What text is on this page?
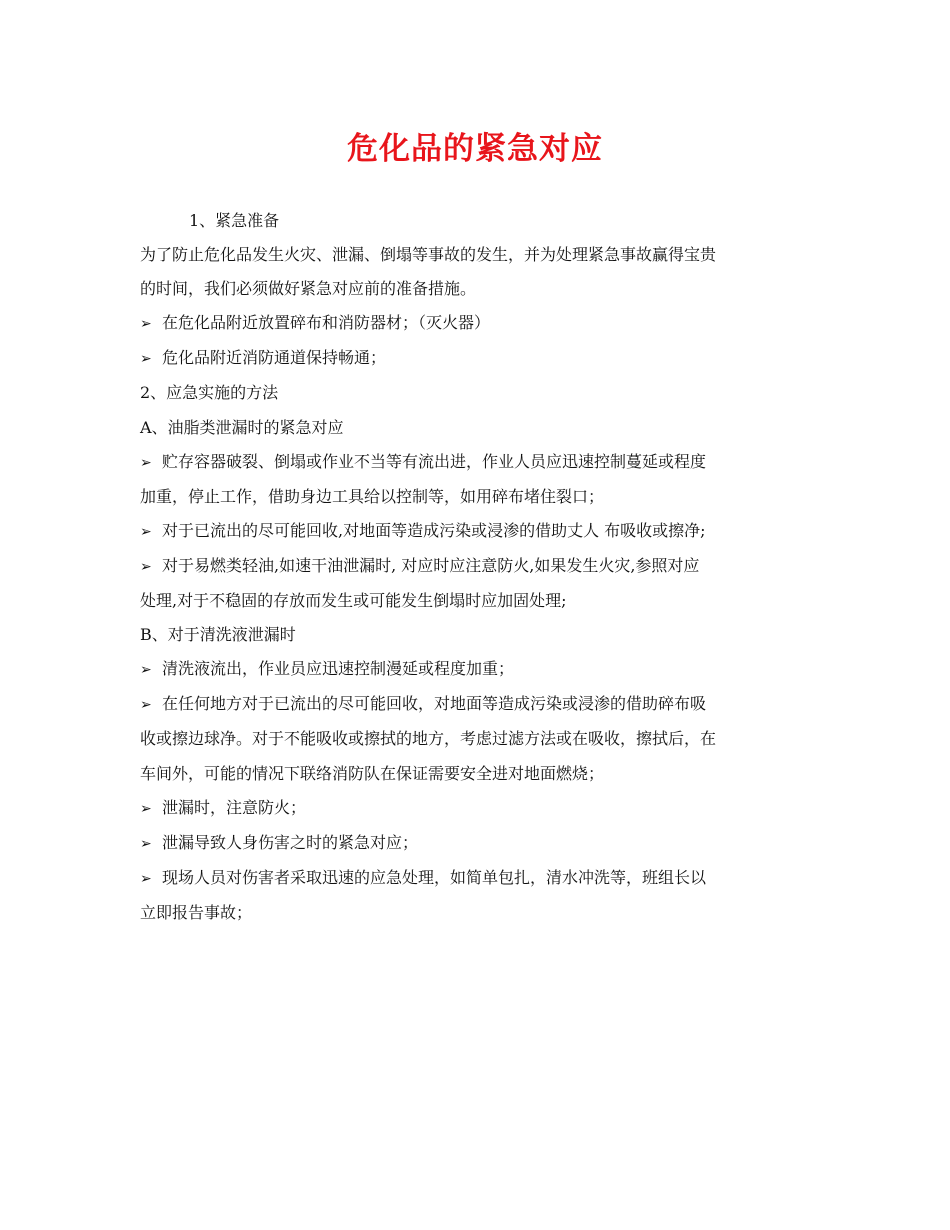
危化品的紧急对应

1、紧急准备

为了防止危化品发生火灾、泄漏、倒塌等事故的发生，并为处理紧急事故赢得宝贵

的时间，我们必须做好紧急对应前的准备措施。

➢ 在危化品附近放置碎布和消防器材；（灭火器）

➢ 危化品附近消防通道保持畅通；

2、应急实施的方法

A、油脂类泄漏时的紧急对应

➢ 贮存容器破裂、倒塌或作业不当等有流出进，作业人员应迅速控制蔓延或程度

加重，停止工作，借助身边工具给以控制等，如用碎布堵住裂口；

➢ 对于已流出的尽可能回收,对地面等造成污染或浸渗的借助丈人 布吸收或擦净;

➢ 对于易燃类轻油,如速干油泄漏时, 对应时应注意防火,如果发生火灾,参照对应

处理,对于不稳固的存放而发生或可能发生倒塌时应加固处理;

B、对于清洗液泄漏时

➢ 清洗液流出，作业员应迅速控制漫延或程度加重；

➢ 在任何地方对于已流出的尽可能回收，对地面等造成污染或浸渗的借助碎布吸

收或擦边球净。对于不能吸收或擦拭的地方，考虑过滤方法或在吸收，擦拭后，在

车间外，可能的情况下联络消防队在保证需要安全进对地面燃烧；

➢ 泄漏时，注意防火；

➢ 泄漏导致人身伤害之时的紧急对应；

➢ 现场人员对伤害者采取迅速的应急处理，如简单包扎，清水冲洗等，班组长以

立即报告事故；
